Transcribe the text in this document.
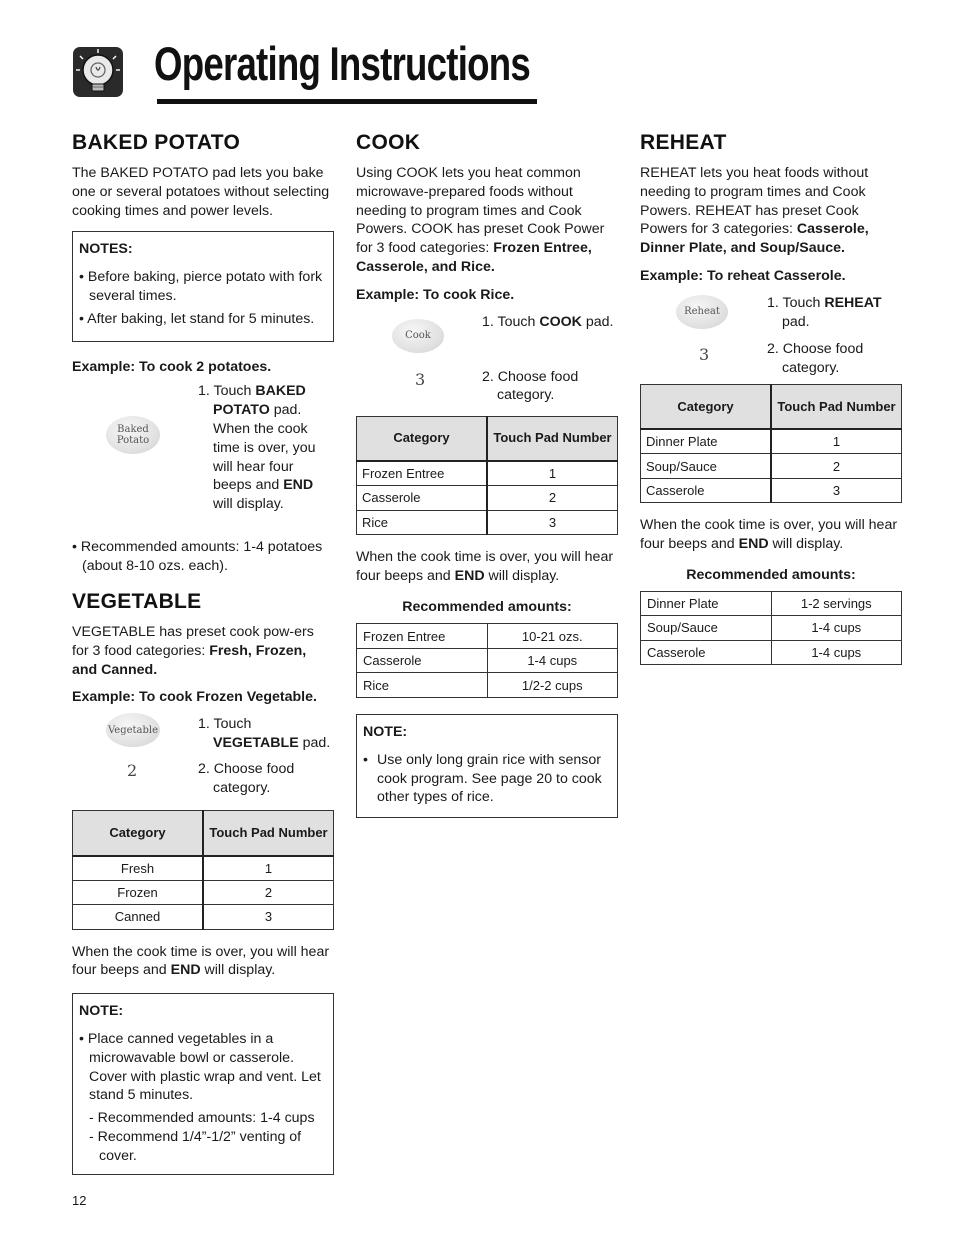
Operating Instructions
BAKED POTATO

The BAKED POTATO pad lets you bake one or several potatoes without selecting cooking times and power levels.

NOTES:
• Before baking, pierce potato with fork several times.
• After baking, let stand for 5 minutes.
Example: To cook 2 potatoes.
Baked
Potato
1. Touch BAKED POTATO pad. When the cook time is over, you will hear four beeps and END will display.
• Recommended amounts: 1-4 potatoes (about 8-10 ozs. each).
VEGETABLE

VEGETABLE has preset cook pow-ers for 3 food categories: Fresh, Frozen, and Canned.

Example: To cook Frozen Vegetable.
Vegetable
2
1. Touch VEGETABLE pad.
2. Choose food category.
Category	Touch Pad Number
Fresh	1
Frozen	2
Canned	3

When the cook time is over, you will hear four beeps and END will display.

NOTE:
• Place canned vegetables in a microwavable bowl or casserole. Cover with plastic wrap and vent. Let stand 5 minutes.
- Recommended amounts: 1-4 cups
- Recommend 1/4”-1/2” venting of cover.
COOK

Using COOK lets you heat common microwave-prepared foods without needing to program times and Cook Powers. COOK has preset Cook Power for 3 food categories: Frozen Entree, Casserole, and Rice.

Example: To cook Rice.
Cook
3
1. Touch COOK pad.
2. Choose food category.
Category	Touch Pad Number
Frozen Entree	1
Casserole	2
Rice	3

When the cook time is over, you will hear four beeps and END will display.

Recommended amounts:
Frozen Entree	10-21 ozs.
Casserole	1-4 cups
Rice	1/2-2 cups
NOTE:
• Use only long grain rice with sensor cook program. See page 20 to cook other types of rice.
REHEAT

REHEAT lets you heat foods without needing to program times and Cook Powers. REHEAT has preset Cook Powers for 3 categories: Casserole, Dinner Plate, and Soup/Sauce.

Example: To reheat Casserole.
Reheat
3
1. Touch REHEAT pad.
2. Choose food category.
Category	Touch Pad Number
Dinner Plate	1
Soup/Sauce	2
Casserole	3

When the cook time is over, you will hear four beeps and END will display.

Recommended amounts:
Dinner Plate	1-2 servings
Soup/Sauce	1-4 cups
Casserole	1-4 cups
12
